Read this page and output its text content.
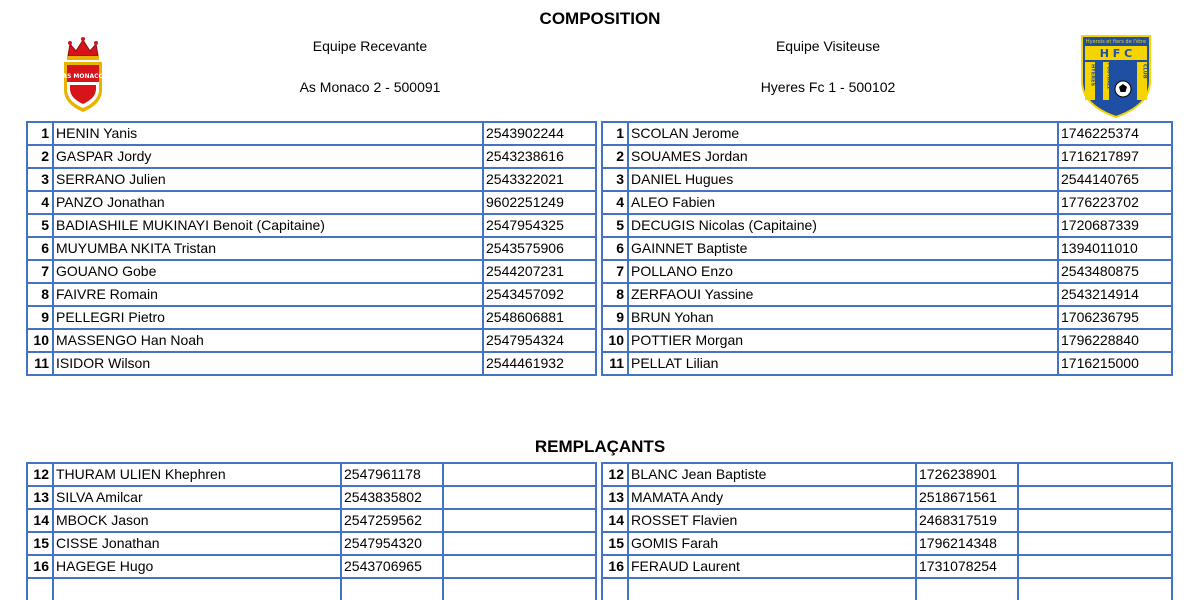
COMPOSITION
AS MONACO
Equipe Recevante
As Monaco 2 - 500091
Equipe Visiteuse
Hyeres Fc 1 - 500102
Hyerois et fiers de l'être
H F C
HYERES	CLUB
FOOTBALL
1	HENIN Yanis	2543902244		1	SCOLAN Jerome	1746225374
2	GASPAR Jordy	2543238616		2	SOUAMES Jordan	1716217897
3	SERRANO Julien	2543322021		3	DANIEL Hugues	2544140765
4	PANZO Jonathan	9602251249		4	ALEO Fabien	1776223702
5	BADIASHILE MUKINAYI Benoit (Capitaine)	2547954325		5	DECUGIS Nicolas (Capitaine)	1720687339
6	MUYUMBA NKITA Tristan	2543575906		6	GAINNET Baptiste	1394011010
7	GOUANO Gobe	2544207231		7	POLLANO Enzo	2543480875
8	FAIVRE Romain	2543457092		8	ZERFAOUI Yassine	2543214914
9	PELLEGRI Pietro	2548606881		9	BRUN Yohan	1706236795
10	MASSENGO Han Noah	2547954324		10	POTTIER Morgan	1796228840
11	ISIDOR Wilson	2544461932		11	PELLAT Lilian	1716215000
REMPLAÇANTS
12	THURAM ULIEN Khephren	2547961178			12	BLANC Jean Baptiste	1726238901	
13	SILVA Amilcar	2543835802			13	MAMATA Andy	2518671561	
14	MBOCK Jason	2547259562			14	ROSSET Flavien	2468317519	
15	CISSE Jonathan	2547954320			15	GOMIS Farah	1796214348	
16	HAGEGE Hugo	2543706965			16	FERAUD Laurent	1731078254	
